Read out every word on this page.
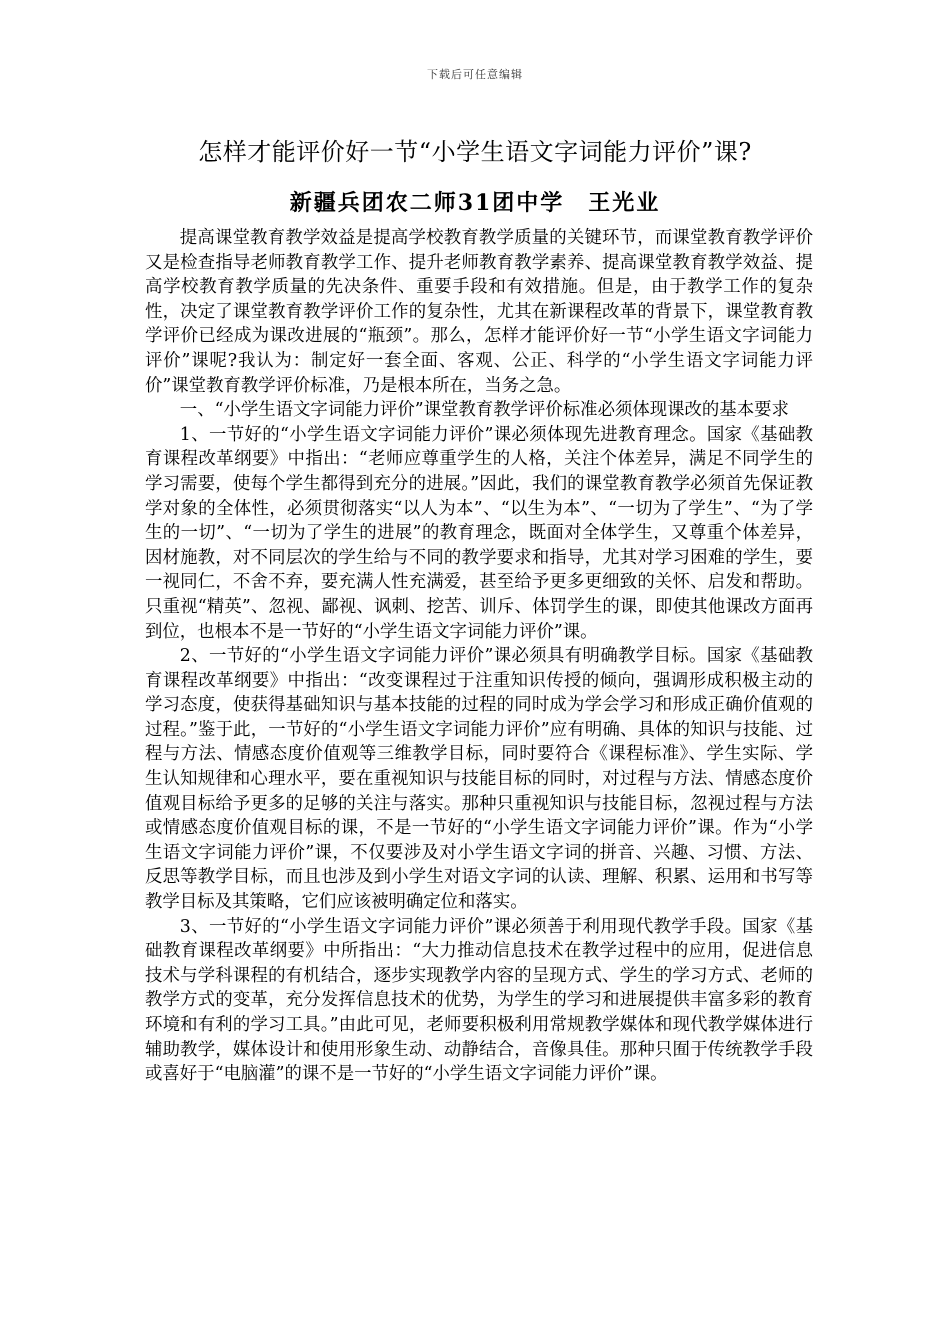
下载后可任意编辑
怎样才能评价好一节“小学生语文字词能力评价”课?
新疆兵团农二师31团中学　王光业

提高课堂教育教学效益是提高学校教育教学质量的关键环节，而课堂教育教学评价又是检查指导老师教育教学工作、提升老师教育教学素养、提高课堂教育教学效益、提高学校教育教学质量的先决条件、重要手段和有效措施。但是，由于教学工作的复杂性，决定了课堂教育教学评价工作的复杂性，尤其在新课程改革的背景下，课堂教育教学评价已经成为课改进展的“瓶颈”。那么，怎样才能评价好一节“小学生语文字词能力评价”课呢?我认为：制定好一套全面、客观、公正、科学的“小学生语文字词能力评价”课堂教育教学评价标准，乃是根本所在，当务之急。

一、“小学生语文字词能力评价”课堂教育教学评价标准必须体现课改的基本要求

1、一节好的“小学生语文字词能力评价”课必须体现先进教育理念。国家《基础教育课程改革纲要》中指出：“老师应尊重学生的人格，关注个体差异，满足不同学生的学习需要，使每个学生都得到充分的进展。”因此，我们的课堂教育教学必须首先保证教学对象的全体性，必须贯彻落实“以人为本”、“以生为本”、“一切为了学生”、“为了学生的一切”、“一切为了学生的进展”的教育理念，既面对全体学生，又尊重个体差异，因材施教，对不同层次的学生给与不同的教学要求和指导，尤其对学习困难的学生，要一视同仁，不舍不弃，要充满人性充满爱，甚至给予更多更细致的关怀、启发和帮助。只重视“精英”、忽视、鄙视、讽刺、挖苦、训斥、体罚学生的课，即使其他课改方面再到位，也根本不是一节好的“小学生语文字词能力评价”课。

2、一节好的“小学生语文字词能力评价”课必须具有明确教学目标。国家《基础教育课程改革纲要》中指出：“改变课程过于注重知识传授的倾向，强调形成积极主动的学习态度，使获得基础知识与基本技能的过程的同时成为学会学习和形成正确价值观的过程。”鉴于此，一节好的“小学生语文字词能力评价”应有明确、具体的知识与技能、过程与方法、情感态度价值观等三维教学目标，同时要符合《课程标准》、学生实际、学生认知规律和心理水平，要在重视知识与技能目标的同时，对过程与方法、情感态度价值观目标给予更多的足够的关注与落实。那种只重视知识与技能目标，忽视过程与方法或情感态度价值观目标的课，不是一节好的“小学生语文字词能力评价”课。作为“小学生语文字词能力评价”课，不仅要涉及对小学生语文字词的拼音、兴趣、习惯、方法、反思等教学目标，而且也涉及到小学生对语文字词的认读、理解、积累、运用和书写等教学目标及其策略，它们应该被明确定位和落实。

3、一节好的“小学生语文字词能力评价”课必须善于利用现代教学手段。国家《基础教育课程改革纲要》中所指出：“大力推动信息技术在教学过程中的应用，促进信息技术与学科课程的有机结合，逐步实现教学内容的呈现方式、学生的学习方式、老师的教学方式的变革，充分发挥信息技术的优势，为学生的学习和进展提供丰富多彩的教育环境和有利的学习工具。”由此可见，老师要积极利用常规教学媒体和现代教学媒体进行辅助教学，媒体设计和使用形象生动、动静结合，音像具佳。那种只囿于传统教学手段或喜好于“电脑灌”的课不是一节好的“小学生语文字词能力评价”课。
